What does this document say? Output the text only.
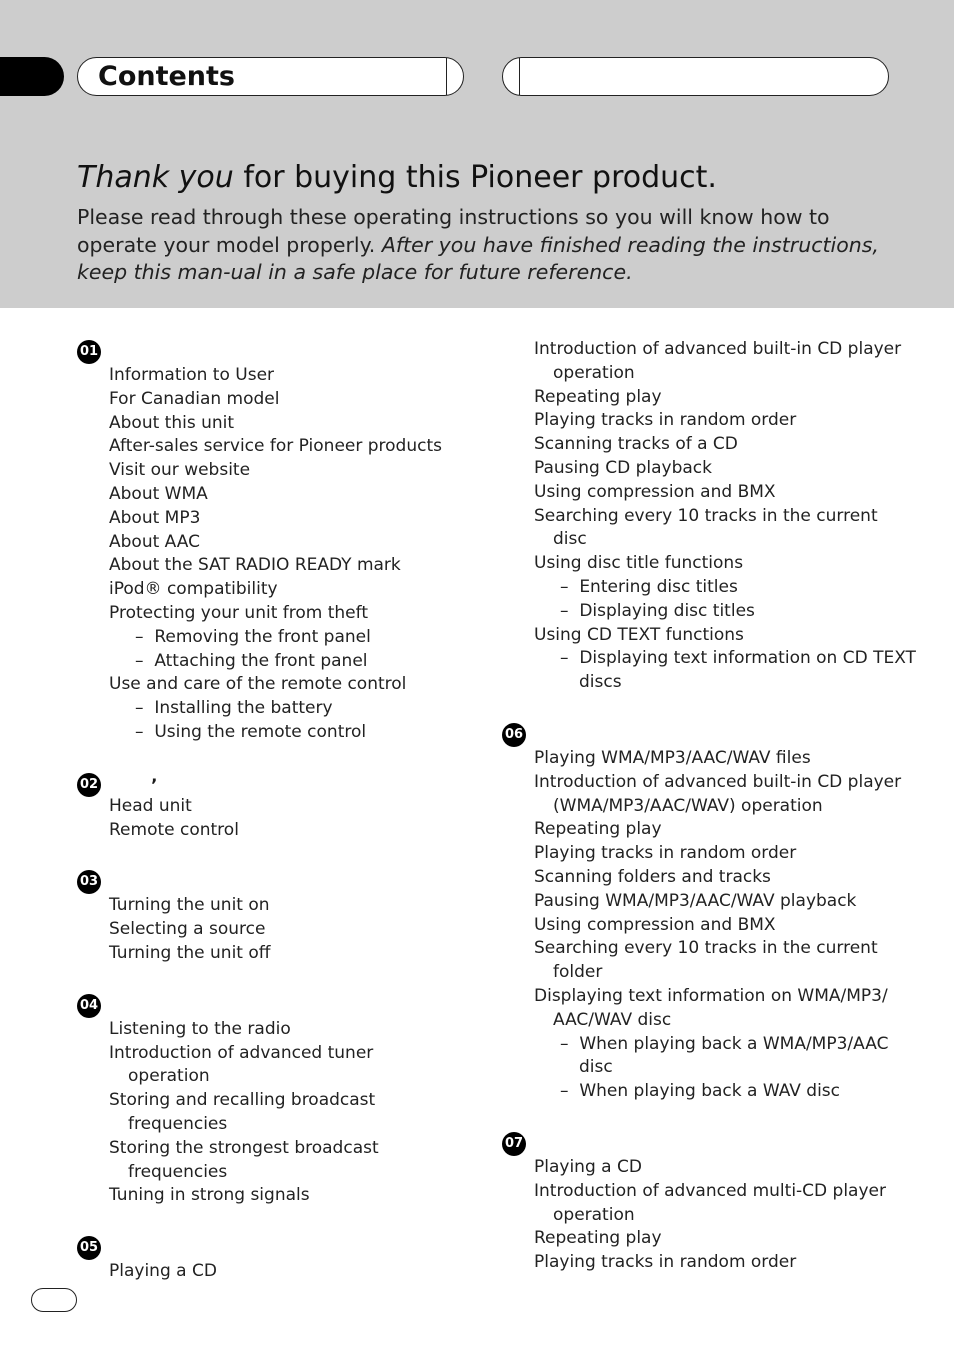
Contents
Thank you for buying this Pioneer product.
Please read through these operating instructions so you will know how to operate your model properly. After you have finished reading the instructions, keep this man-ual in a safe place for future reference.
01
Information to User
For Canadian model
About this unit
After-sales service for Pioneer products
Visit our website
About WMA
About MP3
About AAC
About the SAT RADIO READY mark
iPod® compatibility
Protecting your unit from theft
–  Removing the front panel
–  Attaching the front panel
Use and care of the remote control
–  Installing the battery
–  Using the remote control
02	’
Head unit
Remote control
03
Turning the unit on
Selecting a source
Turning the unit off
04
Listening to the radio
Introduction of advanced tuner
operation
Storing and recalling broadcast
frequencies
Storing the strongest broadcast
frequencies
Tuning in strong signals
05
Playing a CD
Introduction of advanced built-in CD player
operation
Repeating play
Playing tracks in random order
Scanning tracks of a CD
Pausing CD playback
Using compression and BMX
Searching every 10 tracks in the current
disc
Using disc title functions
–  Entering disc titles
–  Displaying disc titles
Using CD TEXT functions
–  Displaying text information on CD TEXT
discs
06
Playing WMA/MP3/AAC/WAV files
Introduction of advanced built-in CD player
(WMA/MP3/AAC/WAV) operation
Repeating play
Playing tracks in random order
Scanning folders and tracks
Pausing WMA/MP3/AAC/WAV playback
Using compression and BMX
Searching every 10 tracks in the current
folder
Displaying text information on WMA/MP3/
AAC/WAV disc
–  When playing back a WMA/MP3/AAC
disc
–  When playing back a WAV disc
07
Playing a CD
Introduction of advanced multi-CD player
operation
Repeating play
Playing tracks in random order
